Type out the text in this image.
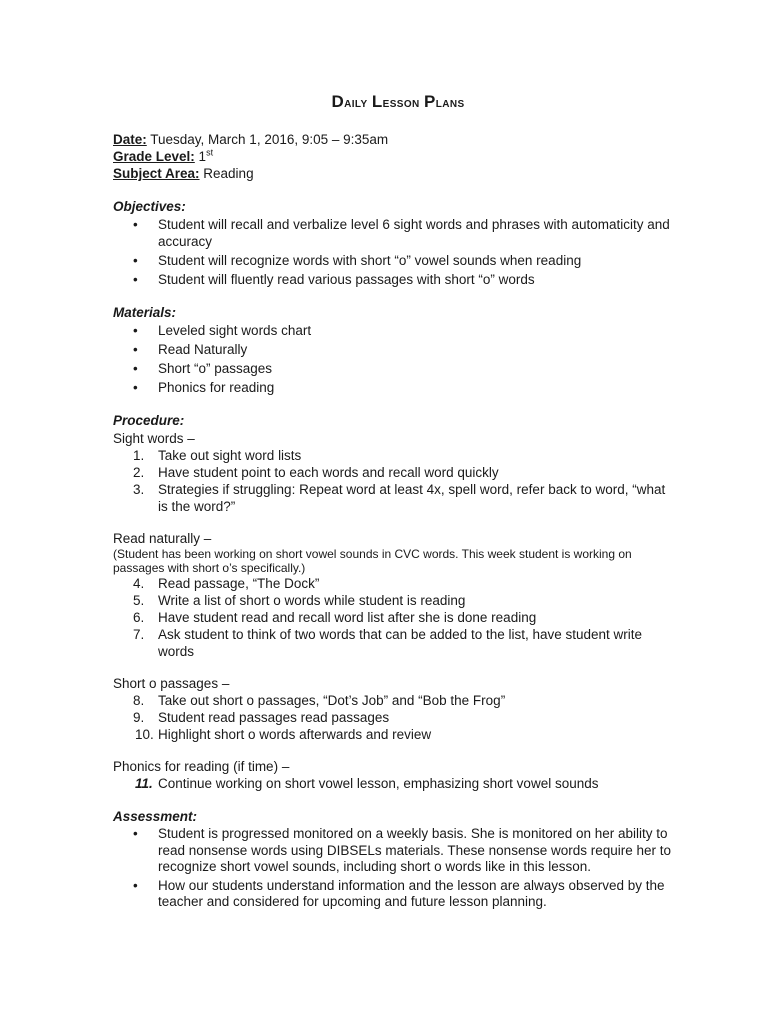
Daily Lesson Plans

Date: Tuesday, March 1, 2016, 9:05 – 9:35am

Grade Level: 1st

Subject Area: Reading

Objectives:

• Student will recall and verbalize level 6 sight words and phrases with automaticity and accuracy
• Student will recognize words with short “o” vowel sounds when reading
• Student will fluently read various passages with short “o” words

Materials:

• Leveled sight words chart
• Read Naturally
• Short “o” passages
• Phonics for reading

Procedure:

Sight words –

1.	Take out sight word lists
2.	Have student point to each words and recall word quickly
3.	Strategies if struggling: Repeat word at least 4x, spell word, refer back to word, “what is the word?”

Read naturally –

(Student has been working on short vowel sounds in CVC words. This week student is working on passages with short o’s specifically.)

4.	Read passage, “The Dock”
5.	Write a list of short o words while student is reading
6.	Have student read and recall word list after she is done reading
7.	Ask student to think of two words that can be added to the list, have student write words

Short o passages –

8.	Take out short o passages, “Dot’s Job” and “Bob the Frog”
9.	Student read passages read passages
10. Highlight short o words afterwards and review

Phonics for reading (if time) –

11. Continue working on short vowel lesson, emphasizing short vowel sounds

Assessment:

• Student is progressed monitored on a weekly basis. She is monitored on her ability to read nonsense words using DIBSELs materials. These nonsense words require her to recognize short vowel sounds, including short o words like in this lesson.
• How our students understand information and the lesson are always observed by the teacher and considered for upcoming and future lesson planning.
